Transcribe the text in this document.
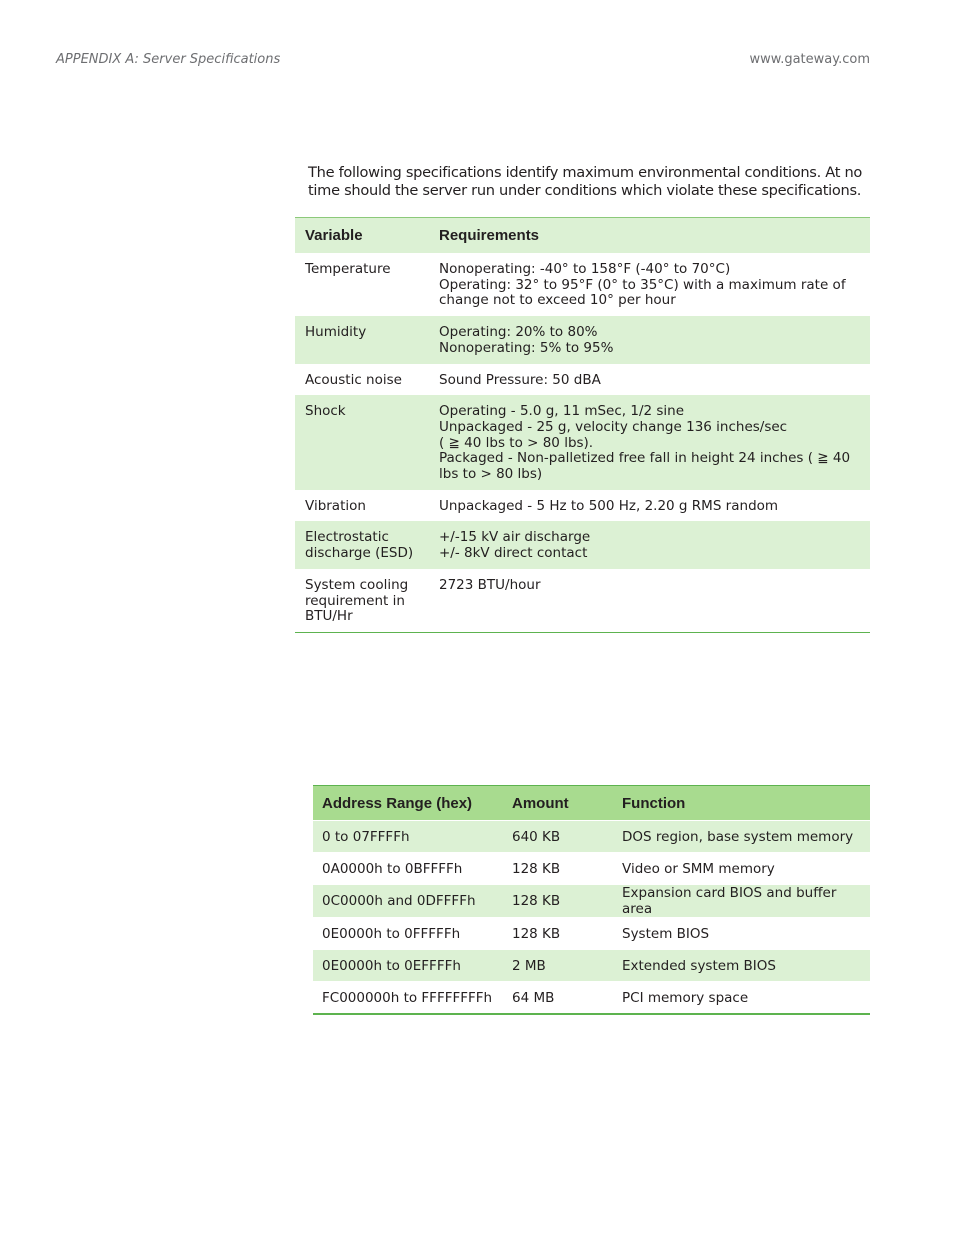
APPENDIX A: Server Specifications	www.gateway.com

The following specifications identify maximum environmental conditions. At no time should the server run under conditions which violate these specifications.

Variable	Requirements
Temperature	Nonoperating: -40° to 158°F (-40° to 70°C)
Operating: 32° to 95°F (0° to 35°C) with a maximum rate of change not to exceed 10° per hour

Humidity	Operating: 20% to 80%
Nonoperating: 5% to 95%

Acoustic noise	Sound Pressure: 50 dBA

Shock	Operating - 5.0 g, 11 mSec, 1/2 sine
Unpackaged - 25 g, velocity change 136 inches/sec
( ≧ 40 lbs to > 80 lbs).
Packaged - Non-palletized free fall in height 24 inches ( ≧ 40 lbs to > 80 lbs)

Vibration	Unpackaged - 5 Hz to 500 Hz, 2.20 g RMS random

Electrostatic discharge (ESD)	+/-15 kV air discharge
+/- 8kV direct contact

System cooling requirement in BTU/Hr	2723 BTU/hour
Address Range (hex)	Amount	Function
0 to 07FFFFh	640 KB	DOS region, base system memory
0A0000h to 0BFFFFh	128 KB	Video or SMM memory
0C0000h and 0DFFFFh	128 KB	Expansion card BIOS and buffer area
0E0000h to 0FFFFFh	128 KB	System BIOS
0E0000h to 0EFFFFh	2 MB	Extended system BIOS
FC000000h to FFFFFFFFh	64 MB	PCI memory space
